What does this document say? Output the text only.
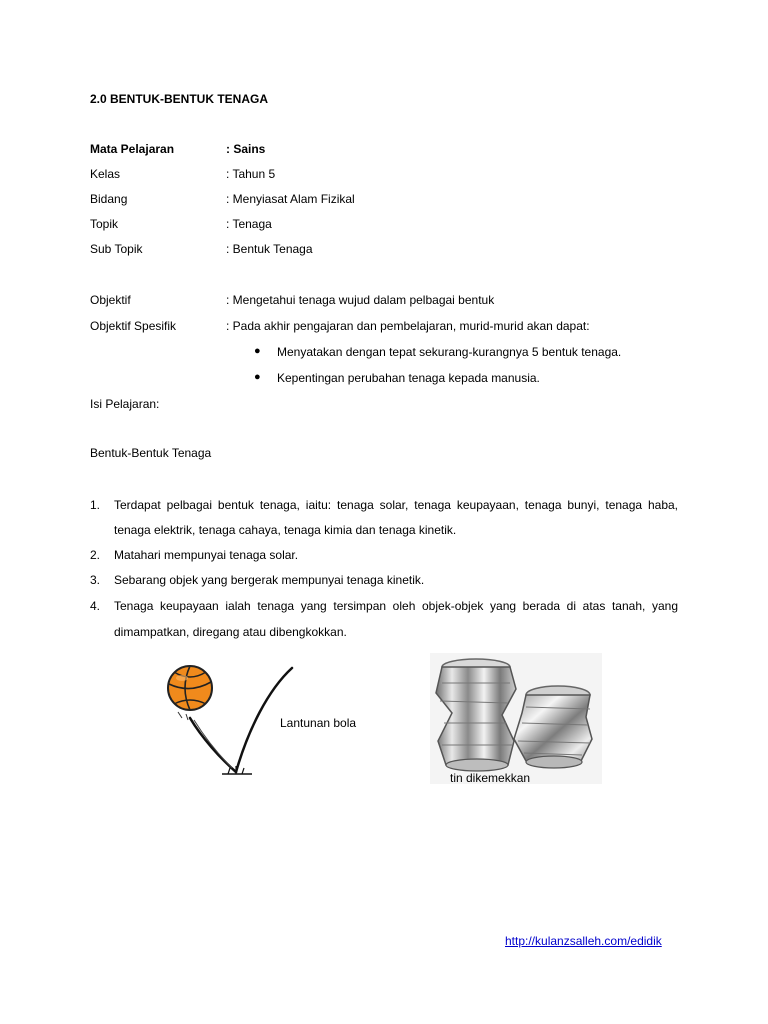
2.0 BENTUK-BENTUK TENAGA
Mata Pelajaran	: Sains
Kelas	: Tahun 5
Bidang	: Menyiasat Alam Fizikal
Topik	: Tenaga
Sub Topik	: Bentuk Tenaga
Objektif	: Mengetahui tenaga wujud dalam pelbagai bentuk
Objektif Spesifik	: Pada akhir pengajaran dan pembelajaran, murid-murid akan dapat:
● Menyatakan dengan tepat sekurang-kurangnya 5 bentuk tenaga.
● Kepentingan perubahan tenaga kepada manusia.
Isi Pelajaran:
Bentuk-Bentuk Tenaga
1. Terdapat pelbagai bentuk tenaga, iaitu: tenaga solar, tenaga keupayaan, tenaga bunyi, tenaga haba,
tenaga elektrik, tenaga cahaya, tenaga kimia dan tenaga kinetik.
2. Matahari mempunyai tenaga solar.
3. Sebarang objek yang bergerak mempunyai tenaga kinetik.
4. Tenaga keupayaan ialah tenaga yang tersimpan oleh objek-objek yang berada di atas tanah, yang
dimampatkan, diregang atau dibengkokkan.
Lantunan bola
tin dikemekkan
http://kulanzsalleh.com/edidik
